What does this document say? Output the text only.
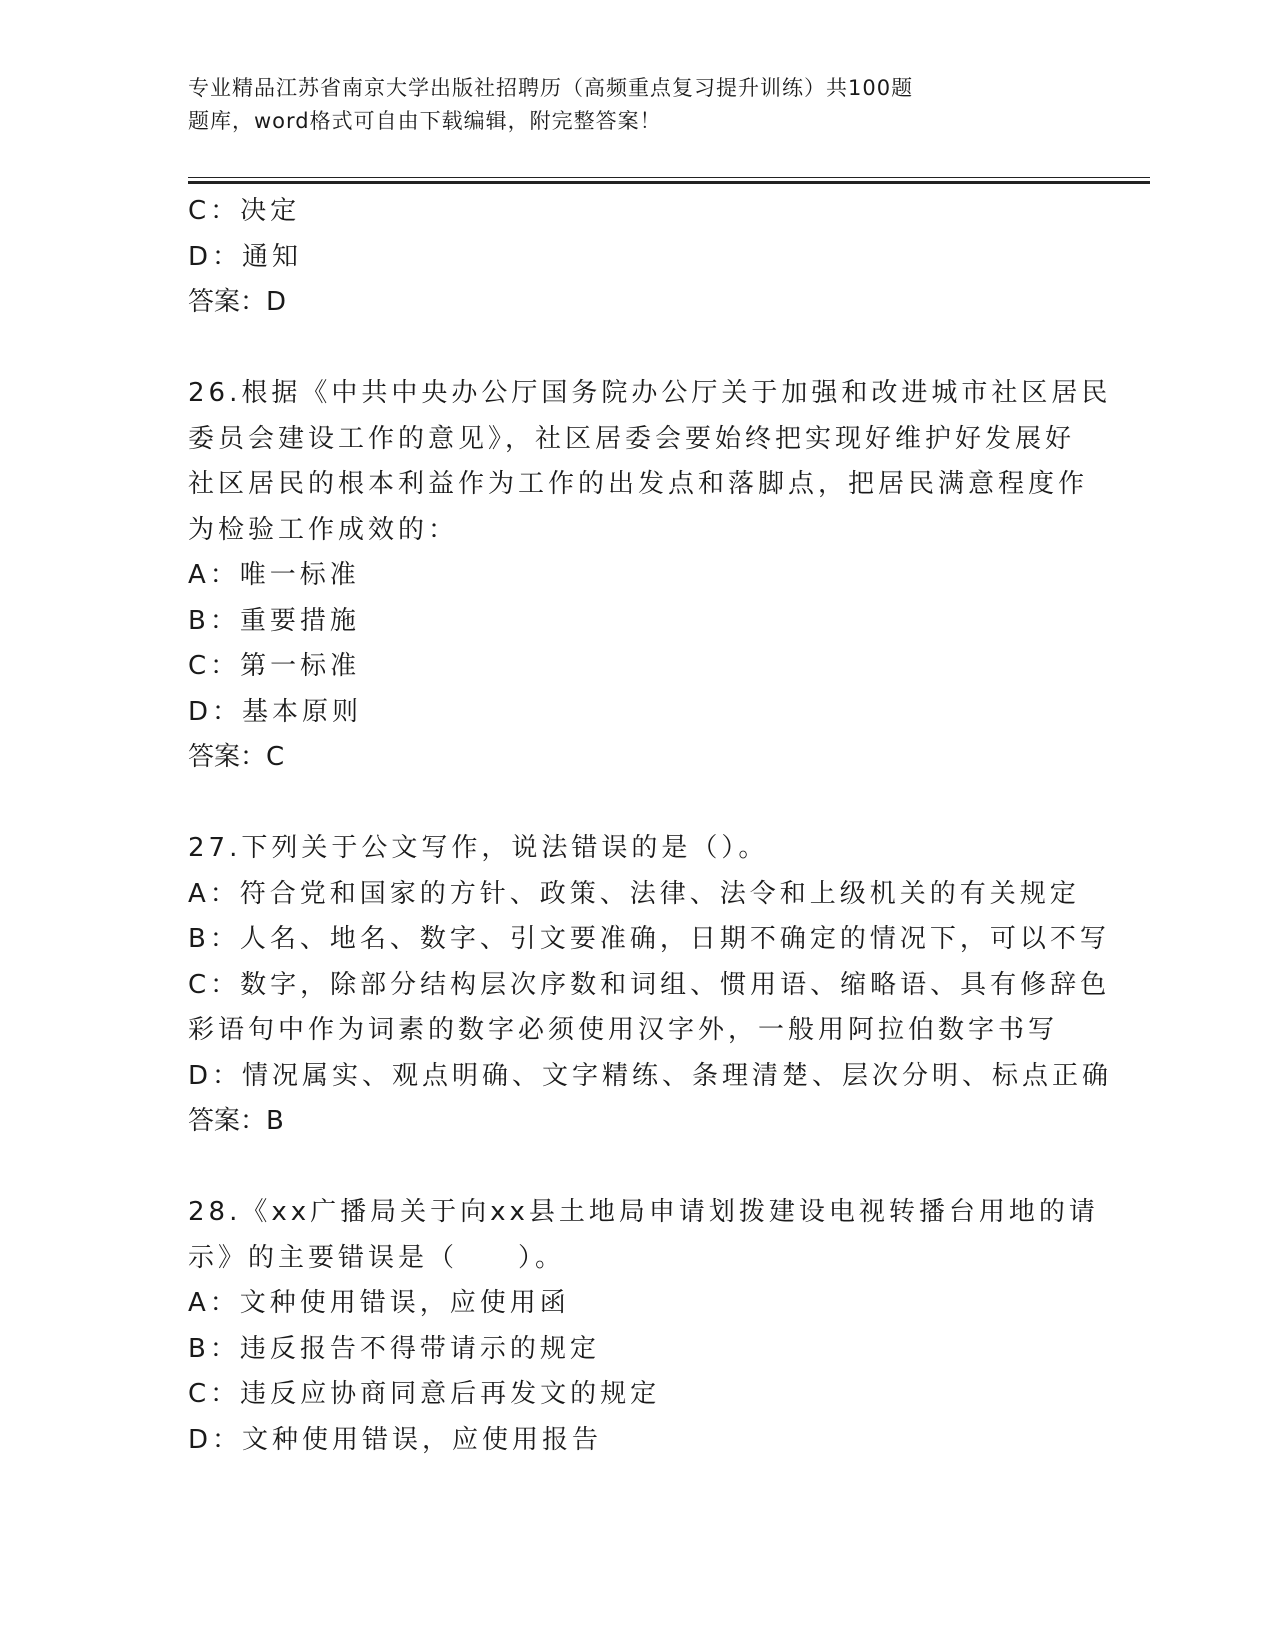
专业精品江苏省南京大学出版社招聘历（高频重点复习提升训练）共100题
题库，word格式可自由下载编辑，附完整答案！
C：决定
D：通知
答案：D
26.根据《中共中央办公厅国务院办公厅关于加强和改进城市社区居民
委员会建设工作的意见》，社区居委会要始终把实现好维护好发展好
社区居民的根本利益作为工作的出发点和落脚点，把居民满意程度作
为检验工作成效的：
A：唯一标准
B：重要措施
C：第一标准
D：基本原则
答案：C
27.下列关于公文写作，说法错误的是（）。
A：符合党和国家的方针、政策、法律、法令和上级机关的有关规定
B：人名、地名、数字、引文要准确，日期不确定的情况下，可以不写
C：数字，除部分结构层次序数和词组、惯用语、缩略语、具有修辞色
彩语句中作为词素的数字必须使用汉字外，一般用阿拉伯数字书写
D：情况属实、观点明确、文字精练、条理清楚、层次分明、标点正确
答案：B
28.《xx广播局关于向xx县土地局申请划拨建设电视转播台用地的请
示》的主要错误是（　　）。
A：文种使用错误，应使用函
B：违反报告不得带请示的规定
C：违反应协商同意后再发文的规定
D：文种使用错误，应使用报告
